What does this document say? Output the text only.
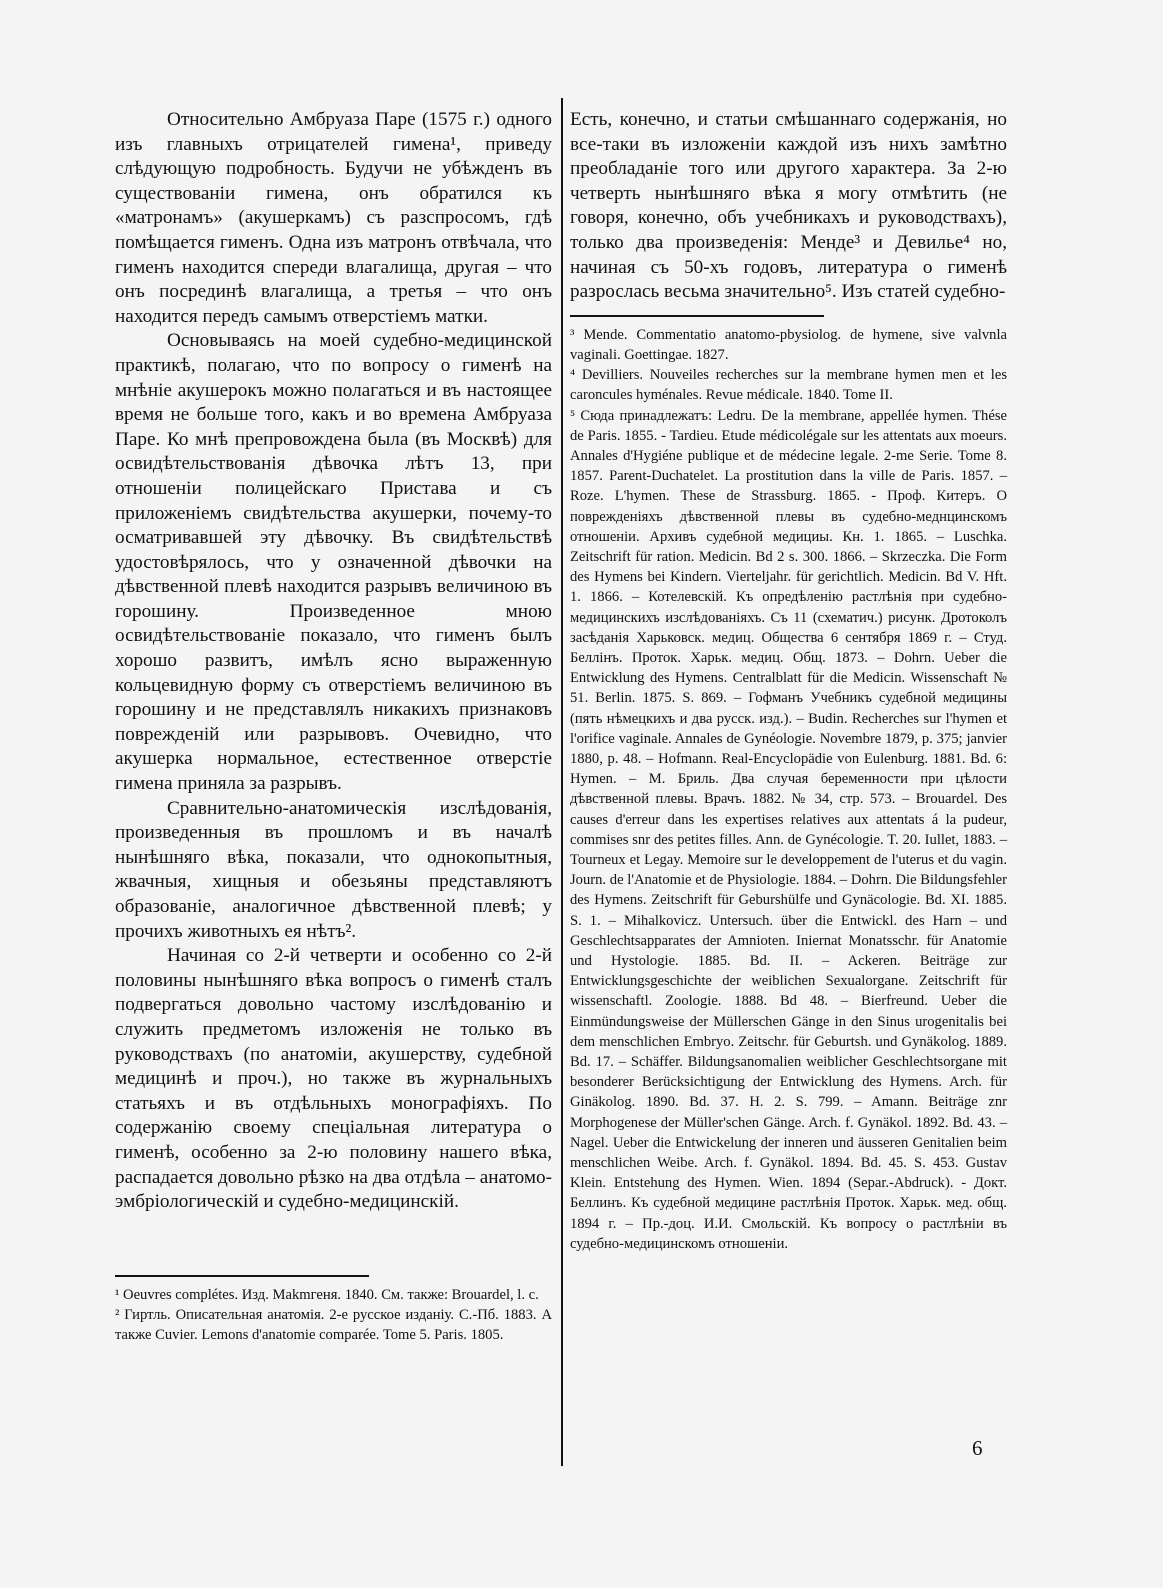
Относительно Амбруаза Паре (1575 г.) одного изъ главныхъ отрицателей гимена¹, приведу слѣдующую подробность. Будучи не убѣжденъ въ существованіи гимена, онъ обратился къ «матронамъ» (акушеркамъ) съ разспросомъ, гдѣ помѣщается гименъ. Одна изъ матронъ отвѣчала, что гименъ находится спереди влагалища, другая – что онъ посрединѣ влагалища, а третья – что онъ находится передъ самымъ отверстіемъ матки.

Основываясь на моей судебно-медицинской практикѣ, полагаю, что по вопросу о гименѣ на мнѣніе акушерокъ можно полагаться и въ настоящее время не больше того, какъ и во времена Амбруаза Паре. Ко мнѣ препровождена была (въ Москвѣ) для освидѣтельствованія дѣвочка лѣтъ 13, при отношеніи полицейскаго Пристава и съ приложеніемъ свидѣтельства акушерки, почему-то осматривавшей эту дѣвочку. Въ свидѣтельствѣ удостовѣрялось, что у означенной дѣвочки на дѣвственной плевѣ находится разрывъ величиною въ горошину. Произведенное мною освидѣтельствованіе показало, что гименъ былъ хорошо развитъ, имѣлъ ясно выраженную кольцевидную форму съ отверстіемъ величиною въ горошину и не представлялъ никакихъ признаковъ поврежденій или разрывовъ. Очевидно, что акушерка нормальное, естественное отверстіе гимена приняла за разрывъ.

Сравнительно-анатомическія изслѣдованія, произведенныя въ прошломъ и въ началѣ нынѣшняго вѣка, показали, что однокопытныя, жвачныя, хищныя и обезьяны представляютъ образованіе, аналогичное дѣвственной плевѣ; у прочихъ животныхъ ея нѣтъ².

Начиная со 2-й четверти и особенно со 2-й половины нынѣшняго вѣка вопросъ о гименѣ сталъ подвергаться довольно частому изслѣдованію и служить предметомъ изложенія не только въ руководствахъ (по анатоміи, акушерству, судебной медицинѣ и проч.), но также въ журнальныхъ статьяхъ и въ отдѣльныхъ монографіяхъ. По содержанію своему спеціальная литература о гименѣ, особенно за 2-ю половину нашего вѣка, распадается довольно рѣзко на два отдѣла – анатомо-эмбріологическій и судебно-медицинскій.

¹ Oeuvres complétes. Изд. Makmгеня. 1840. См. также: Brouardel, l. c.

² Гиртль. Описательная анатомія. 2-е русское изданіу. С.-Пб. 1883. А также Cuvier. Lemons d'anatomie comparée. Tome 5. Paris. 1805.

Есть, конечно, и статьи смѣшаннаго содержанія, но все-таки въ изложеніи каждой изъ нихъ замѣтно преобладаніе того или другого характера. За 2-ю четверть нынѣшняго вѣка я могу отмѣтить (не говоря, конечно, объ учебникахъ и руководствахъ), только два произведенія: Менде³ и Девилье⁴ но, начиная съ 50-хъ годовъ, литература о гименѣ разрослась весьма значительно⁵. Изъ статей судебно-

³ Mende. Commentatio anatomo-pbysiolog. de hymene, sive valvnla vaginali. Goettingae. 1827.

⁴ Devilliers. Nouveiles recherches sur la membrane hymen men et les caroncules hyménales. Revue médicale. 1840. Tome II.

⁵ Сюда принадлежатъ: Ledru. De la membrane, appellée hymen. Thése de Paris. 1855. - Tardieu. Etude médicolégale sur les attentats aux moeurs. Annales d'Hygiéne publique et de médecine legale. 2-me Serie. Tome 8. 1857. Parent-Duchatelet. La prostitution dans la ville de Paris. 1857. – Roze. L'hymen. These de Strassburg. 1865. - Проф. Китеръ. О поврежденіяхъ дѣвственной плевы въ судебно-меднцинскомъ отношеніи. Архивъ судебной медициы. Кн. 1. 1865. – Luschka. Zeitschrift für ration. Medicin. Bd 2 s. 300. 1866. – Skrzeczka. Die Form des Hymens bei Kindern. Vierteljahr. für gerichtlich. Medicin. Bd V. Hft. 1. 1866. – Котелевскій. Къ опредѣленію растлѣнія при судебно-медицинскихъ изслѣдованіяхъ. Съ 11 (схематич.) рисунк. Дротоколъ засѣданія Харьковск. медиц. Общества 6 сентября 1869 г. – Студ. Беллінъ. Проток. Харьк. медиц. Общ. 1873. – Dohrn. Ueber die Entwicklung des Hymens. Centralblatt für die Medicin. Wissenschaft № 51. Berlin. 1875. S. 869. – Гофманъ Учебникъ судебной медицины (пять нѣмецкихъ и два русск. изд.). – Budin. Recherches sur l'hymen et l'orifice vaginale. Annales de Gynéologie. Novembre 1879, p. 375; janvier 1880, p. 48. – Hofmann. Real-Encyclopädie von Eulenburg. 1881. Bd. 6: Hymen. – M. Бриль. Два случая беременности при цѣлости дѣвственной плевы. Врачъ. 1882. № 34, стр. 573. – Brouardel. Des causes d'erreur dans les expertises relatives aux attentats á la pudeur, commises snr des petites filles. Ann. de Gynécologie. T. 20. Iullet, 1883. – Tourneux et Legay. Memoire sur le developpement de l'uterus et du vagin. Journ. de l'Anatomie et de Physiologie. 1884. – Dohrn. Die Bildungsfehler des Hymens. Zeitschrift für Geburshülfe und Gynäcologie. Bd. XI. 1885. S. 1. – Mihalkovicz. Untersuch. über die Entwickl. des Harn – und Geschlechtsapparates der Amnioten. Iniernat Monatsschr. für Anatomie und Hystologie. 1885. Bd. II. – Ackeren. Beiträge zur Entwicklungsgeschichte der weiblichen Sexualorgane. Zeitschrift für wissenschaftl. Zoologie. 1888. Bd 48. – Bierfreund. Ueber die Einmündungsweise der Müllerschen Gänge in den Sinus urogenitalis bei dem menschlichen Embryo. Zeitschr. für Geburtsh. und Gynäkolog. 1889. Bd. 17. – Schäffer. Bildungsanomalien weiblicher Geschlechtsorgane mit besonderer Berücksichtigung der Entwicklung des Hymens. Arch. für Ginäkolog. 1890. Bd. 37. H. 2. S. 799. – Amann. Beiträge znr Morphogenese der Müller'schen Gänge. Arch. f. Gynäkol. 1892. Bd. 43. – Nagel. Ueber die Entwickelung der inneren und äusseren Genitalien beim menschlichen Weibe. Arch. f. Gynäkol. 1894. Bd. 45. S. 453. Gustav Klein. Entstehung des Hymen. Wien. 1894 (Separ.-Abdruck). - Докт. Беллинъ. Къ судебной медицине растлѣнія Проток. Харьк. мед. общ. 1894 г. – Пр.-доц. И.И. Смольскій. Къ вопросу о растлѣніи въ судебно-медицинскомъ отношеніи.

6
